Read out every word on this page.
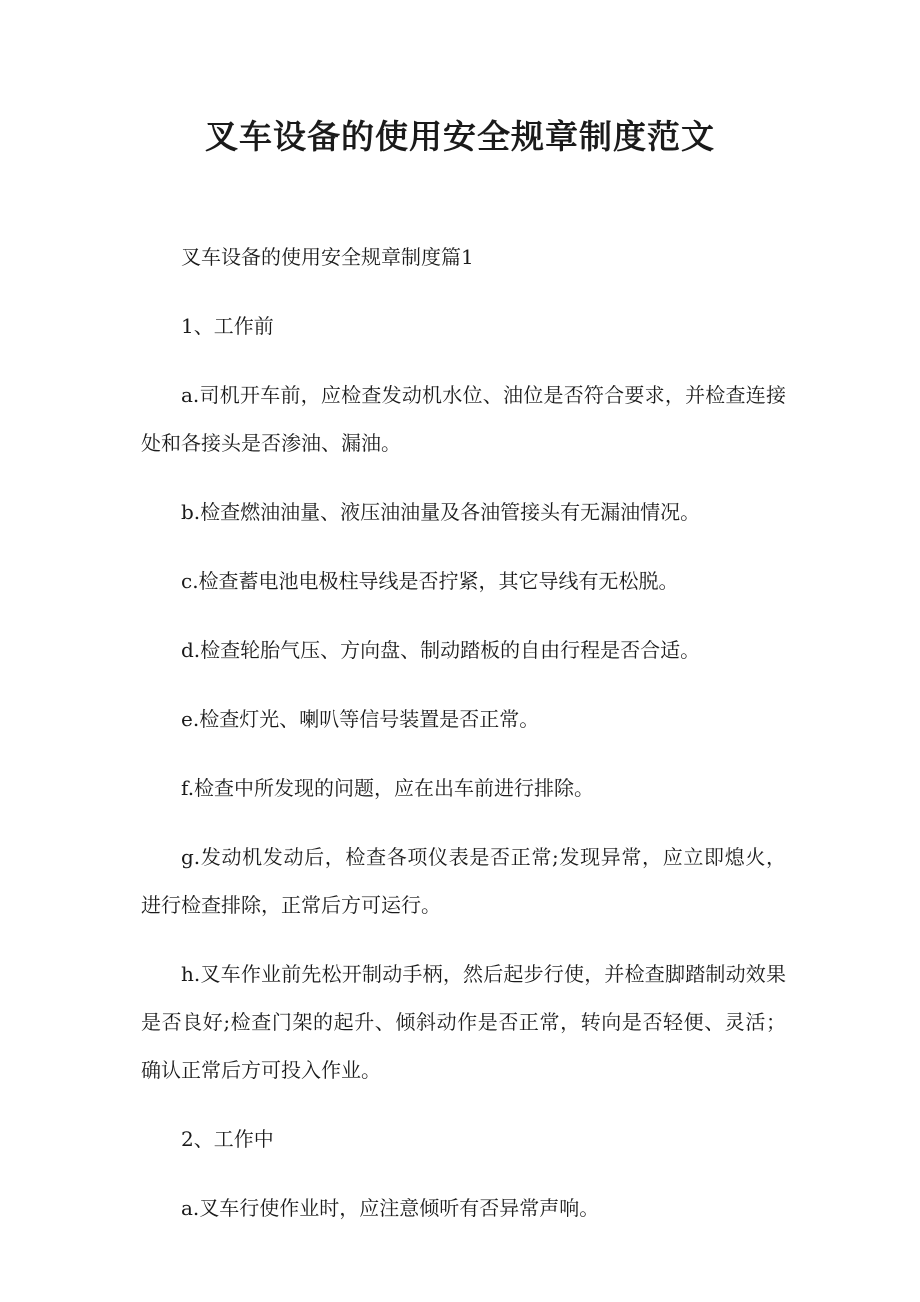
叉车设备的使用安全规章制度范文

叉车设备的使用安全规章制度篇1

1、工作前

a.司机开车前，应检查发动机水位、油位是否符合要求，并检查连接处和各接头是否渗油、漏油。

b.检查燃油油量、液压油油量及各油管接头有无漏油情况。

c.检查蓄电池电极柱导线是否拧紧，其它导线有无松脱。

d.检查轮胎气压、方向盘、制动踏板的自由行程是否合适。

e.检查灯光、喇叭等信号装置是否正常。

f.检查中所发现的问题，应在出车前进行排除。

g.发动机发动后，检查各项仪表是否正常;发现异常，应立即熄火，进行检查排除，正常后方可运行。

h.叉车作业前先松开制动手柄，然后起步行使，并检查脚踏制动效果是否良好;检查门架的起升、倾斜动作是否正常，转向是否轻便、灵活；确认正常后方可投入作业。

2、工作中

a.叉车行使作业时，应注意倾听有否异常声响。
